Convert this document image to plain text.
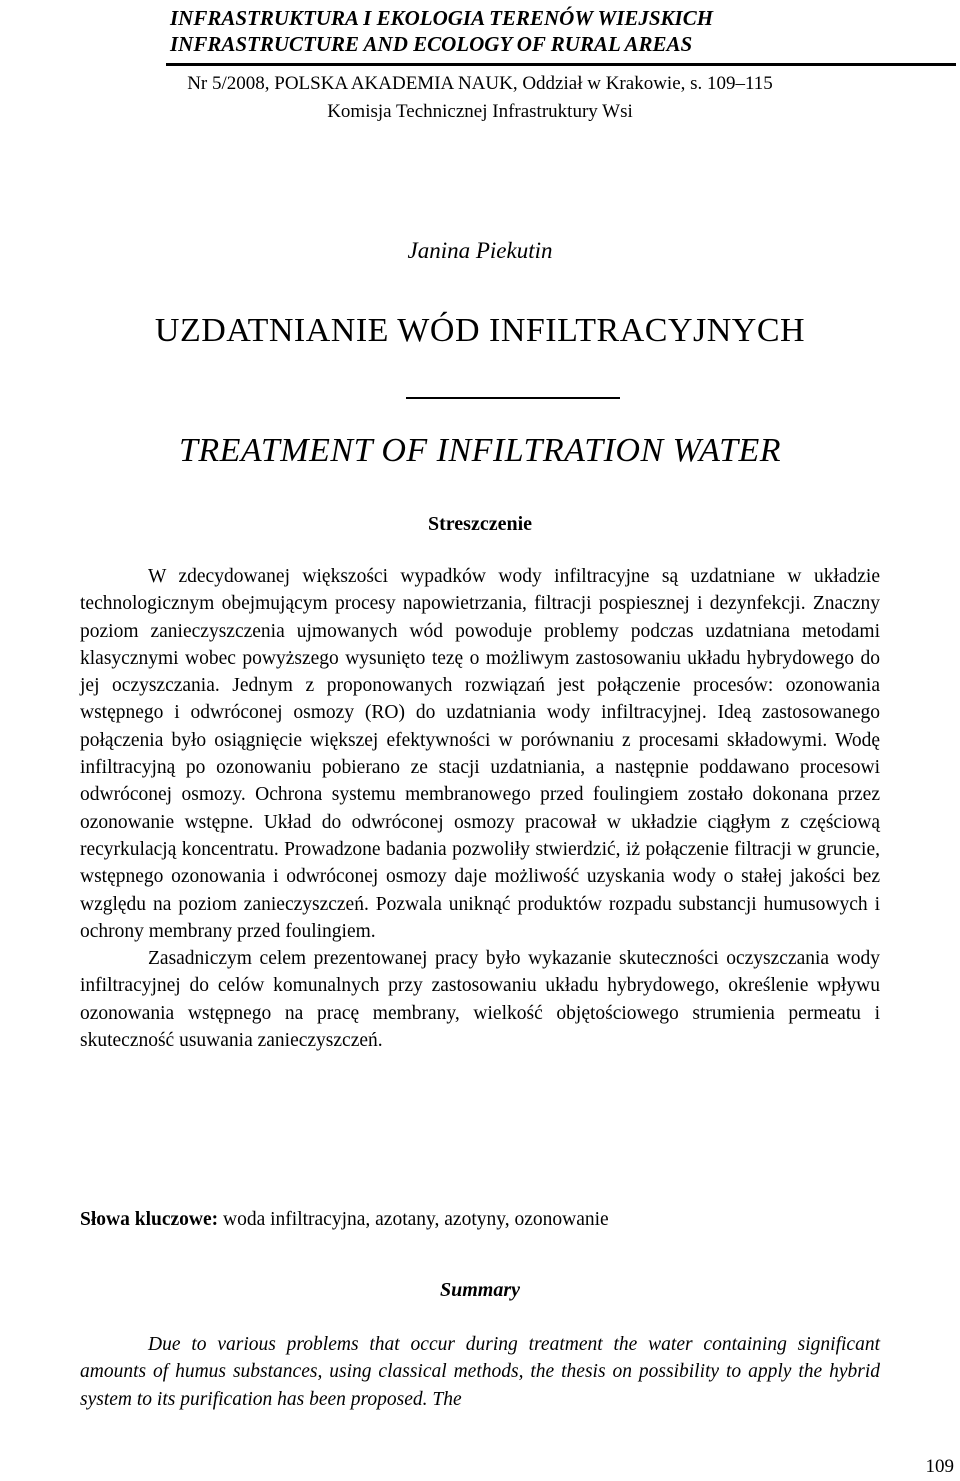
INFRASTRUKTURA I EKOLOGIA TERENÓW WIEJSKICH
INFRASTRUCTURE AND ECOLOGY OF RURAL AREAS
Nr 5/2008, POLSKA AKADEMIA NAUK, Oddział w Krakowie, s. 109–115
Komisja Technicznej Infrastruktury Wsi
Janina Piekutin
UZDATNIANIE WÓD INFILTRACYJNYCH
TREATMENT OF INFILTRATION WATER
Streszczenie

W zdecydowanej większości wypadków wody infiltracyjne są uzdatniane w układzie technologicznym obejmującym procesy napowietrzania, filtracji pospiesznej i dezynfekcji. Znaczny poziom zanieczyszczenia ujmowanych wód powoduje problemy podczas uzdatniana metodami klasycznymi wobec powyższego wysunięto tezę o możliwym zastosowaniu układu hybrydowego do jej oczyszczania. Jednym z proponowanych rozwiązań jest połączenie procesów: ozonowania wstępnego i odwróconej osmozy (RO) do uzdatniania wody infiltracyjnej. Ideą zastosowanego połączenia było osiągnięcie większej efektywności w porównaniu z procesami składowymi. Wodę infiltracyjną po ozonowaniu pobierano ze stacji uzdatniania, a następnie poddawano procesowi odwróconej osmozy. Ochrona systemu membranowego przed foulingiem zostało dokonana przez ozonowanie wstępne. Układ do odwróconej osmozy pracował w układzie ciągłym z częściową recyrkulacją koncentratu. Prowadzone badania pozwoliły stwierdzić, iż połączenie filtracji w gruncie, wstępnego ozonowania i odwróconej osmozy daje możliwość uzyskania wody o stałej jakości bez względu na poziom zanieczyszczeń. Pozwala uniknąć produktów rozpadu substancji humusowych i ochrony membrany przed foulingiem.

Zasadniczym celem prezentowanej pracy było wykazanie skuteczności oczyszczania wody infiltracyjnej do celów komunalnych przy zastosowaniu układu hybrydowego, określenie wpływu ozonowania wstępnego na pracę membrany, wielkość objętościowego strumienia permeatu i skuteczność usuwania zanieczyszczeń.

Słowa kluczowe: woda infiltracyjna, azotany, azotyny, ozonowanie
Summary

Due to various problems that occur during treatment the water containing significant amounts of humus substances, using classical methods, the thesis on possibility to apply the hybrid system to its purification has been proposed. The

109
